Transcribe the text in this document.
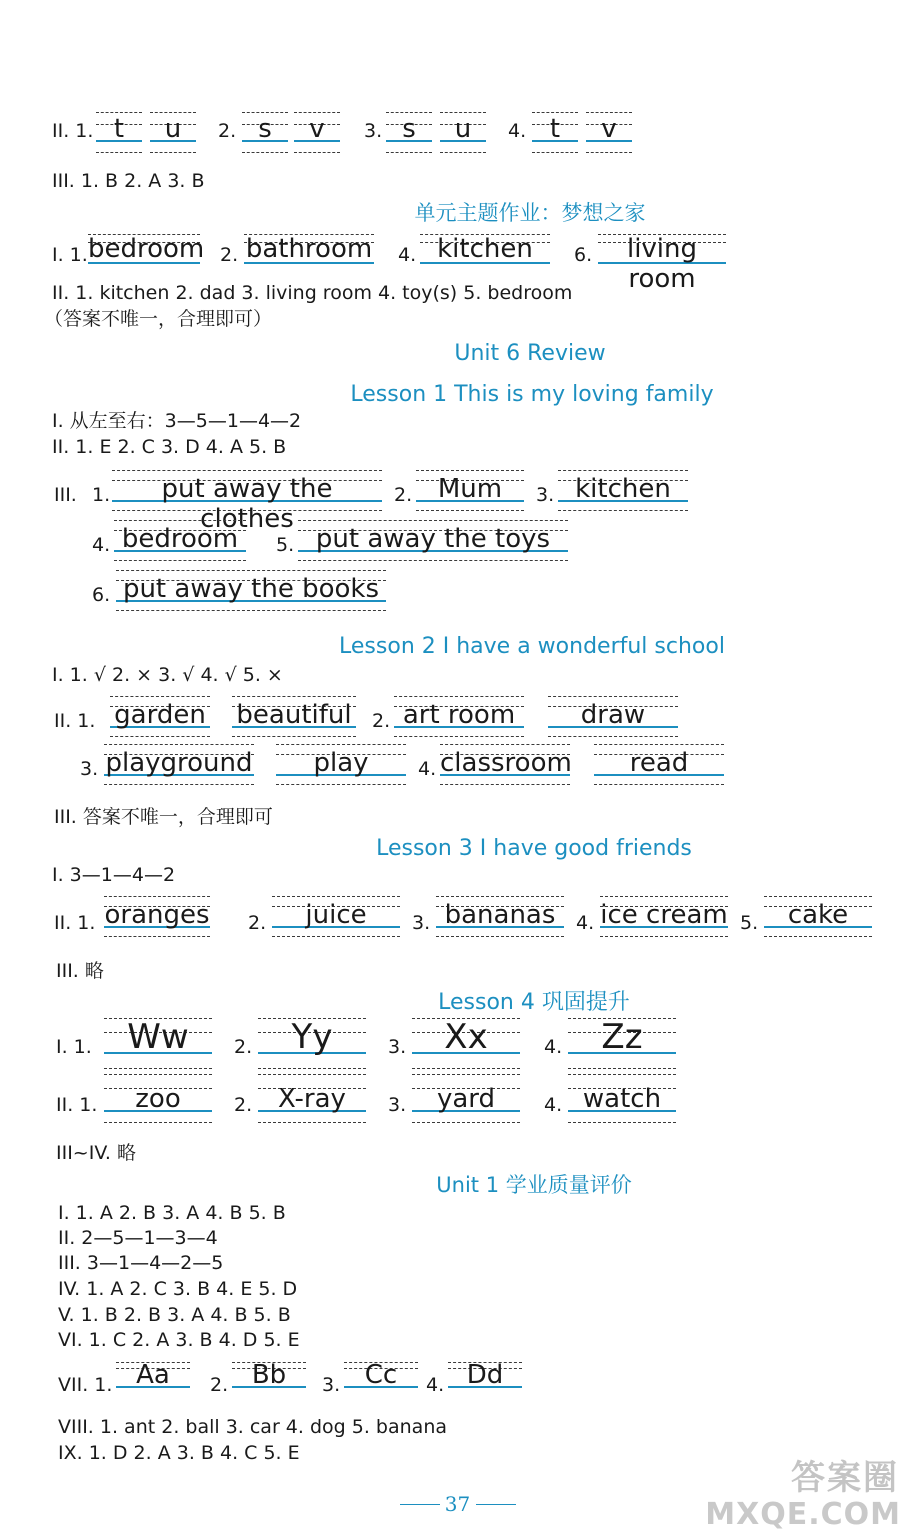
II. 1. t	u	2. s	v	3. s	u	4. t	v
III. 1. B 2. A 3. B
单元主题作业：梦想之家
I. 1. bedroom 2. bathroom 4. kitchen	6.	living room
II. 1. kitchen 2. dad 3. living room 4. toy(s) 5. bedroom
（答案不唯一，合理即可）
Unit 6 Review
Lesson 1 This is my loving family
I. 从左至右：3—5—1—4—2
II. 1. E 2. C 3. D 4. A 5. B
III. 1.	put away the clothes
2. Mum	3. kitchen
4. bedroom	5. put away the toys
6. put away the books
Lesson 2 I have a wonderful school
I. 1. √ 2. × 3. √ 4. √ 5. ×
II. 1. garden beautiful 2. art room	draw
3. playground	play	4. classroom	read
III. 答案不唯一，合理即可
Lesson 3 I have good friends
I. 3—1—4—2
II. 1. oranges 2.	juice	3. bananas	4. ice cream 5.	cake
III. 略
Lesson 4 巩固提升
I. 1.	Ww	2.	Yy	3.	Xx	4.	Zz
II. 1.	zoo	2. X-ray	3.	yard	4. watch
III~IV. 略
Unit 1 学业质量评价
I. 1. A 2. B 3. A 4. B 5. B
II. 2—5—1—3—4
III. 3—1—4—2—5
IV. 1. A 2. C 3. B 4. E 5. D
V. 1. B 2. B 3. A 4. B 5. B
VI. 1. C 2. A 3. B 4. D 5. E
VII. 1. Aa	2. Bb	3. Cc	4. Dd
VIII. 1. ant 2. ball 3. car 4. dog 5. banana
IX. 1. D 2. A 3. B 4. C 5. E
37
答案圈
MXQE.COM
